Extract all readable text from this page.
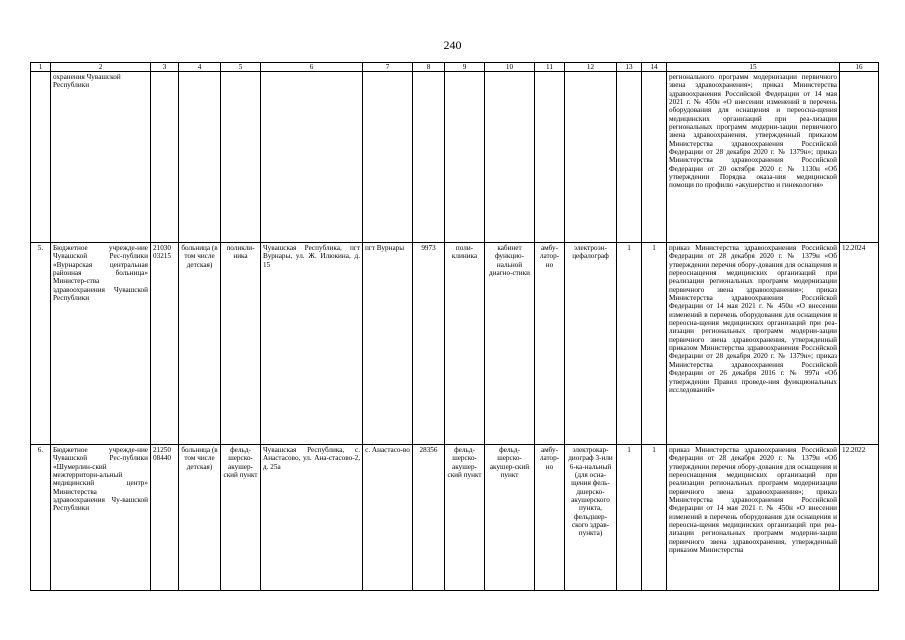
240
1	2	3	4	5	6	7	8	9	10	11	12	13	14	15	16
	охранения Чувашской Республики													регионального программ модернизации первичного звена здравоохранения»; приказ Министерства здравоохранения Российской Федерации от 14 мая 2021 г. № 450н «О внесении изменений в перечень оборудования для оснащения и переосна-щения медицинских организаций при реа-лизации региональных программ модерни-зации первичного звена здравоохранения, утвержденный приказом Министерства здравоохранения Российской Федерации от 28 декабря 2020 г. № 1379н»; приказ Министерства здравоохранения Российской Федерации от 20 октября 2020 г. № 1130н «Об утверждении Порядка оказа-ния медицинской помощи по профилю «акушерство и гинекология»	
5.	Бюджетное учрежде-ние Чувашской Рес-публики «Вурнарская центральная районная больница» Министер-ства здравоохранения Чувашской Республики	21030 03215	больница (в том числе детская)	поликли-ника	Чувашская Республика, пгт Вурнары, ул. Ж. Илюкина, д. 15	пгт Вурнары	9973	поли-клиника	кабинет функцио-нальной диагно-стики	амбу-латор-но	электроэн-цефалограф	1	1	приказ Министерства здравоохранения Российской Федерации от 28 декабря 2020 г. № 1379н «Об утверждении перечня обору-дования для оснащения и переоснащения медицинских организаций при реализации региональных программ модернизации первичного звена здравоохранения»; приказ Министерства здравоохранения Российской Федерации от 14 мая 2021 г. № 450н «О внесении изменений в перечень оборудования для оснащения и переосна-щения медицинских организаций при реа-лизации региональных программ модерни-зации первичного звена здравоохранения, утвержденный приказом Министерства здравоохранения Российской Федерации от 28 декабря 2020 г. № 1379н»; приказ Министерства здравоохранения Российской Федерации от 26 декабря 2016 г. № 997н «Об утверждении Правил проведе-ния функциональных исследований»	12.2024
6.	Бюджетное учрежде-ние Чувашской Рес-публики «Шумерлин-ский межтерритори-альный медицинский центр» Министерства здравоохранения Чу-вашской Республики	21250 08440	больница (в том числе детская)	фельд-шерско-акушер-ский пункт	Чувашская Республика, с. Анастасово, ул. Ана-стасово-2, д. 25а	с. Анастасо-во	28356	фельд-шерско-акушер-ский пункт	фельд-шерско-акушер-ский пункт	амбу-латор-но	электрокар-диограф 3-или 6-ка-нальный (для осна-щения фель-дшерско-акушерского пункта, фельдшер-ского здрав-пункта)	1	1	приказ Министерства здравоохранения Российской Федерации от 28 декабря 2020 г. № 1379н «Об утверждении перечня обору-дования для оснащения и переоснащения медицинских организаций при реализации региональных программ модернизации первичного звена здравоохранения»; приказ Министерства здравоохранения Российской Федерации от 14 мая 2021 г. № 450н «О внесении изменений в перечень оборудования для оснащения и переосна-щения медицинских организаций при реа-лизации региональных программ модерни-зации первичного звена здравоохранения, утвержденный приказом Министерства	12.2022
